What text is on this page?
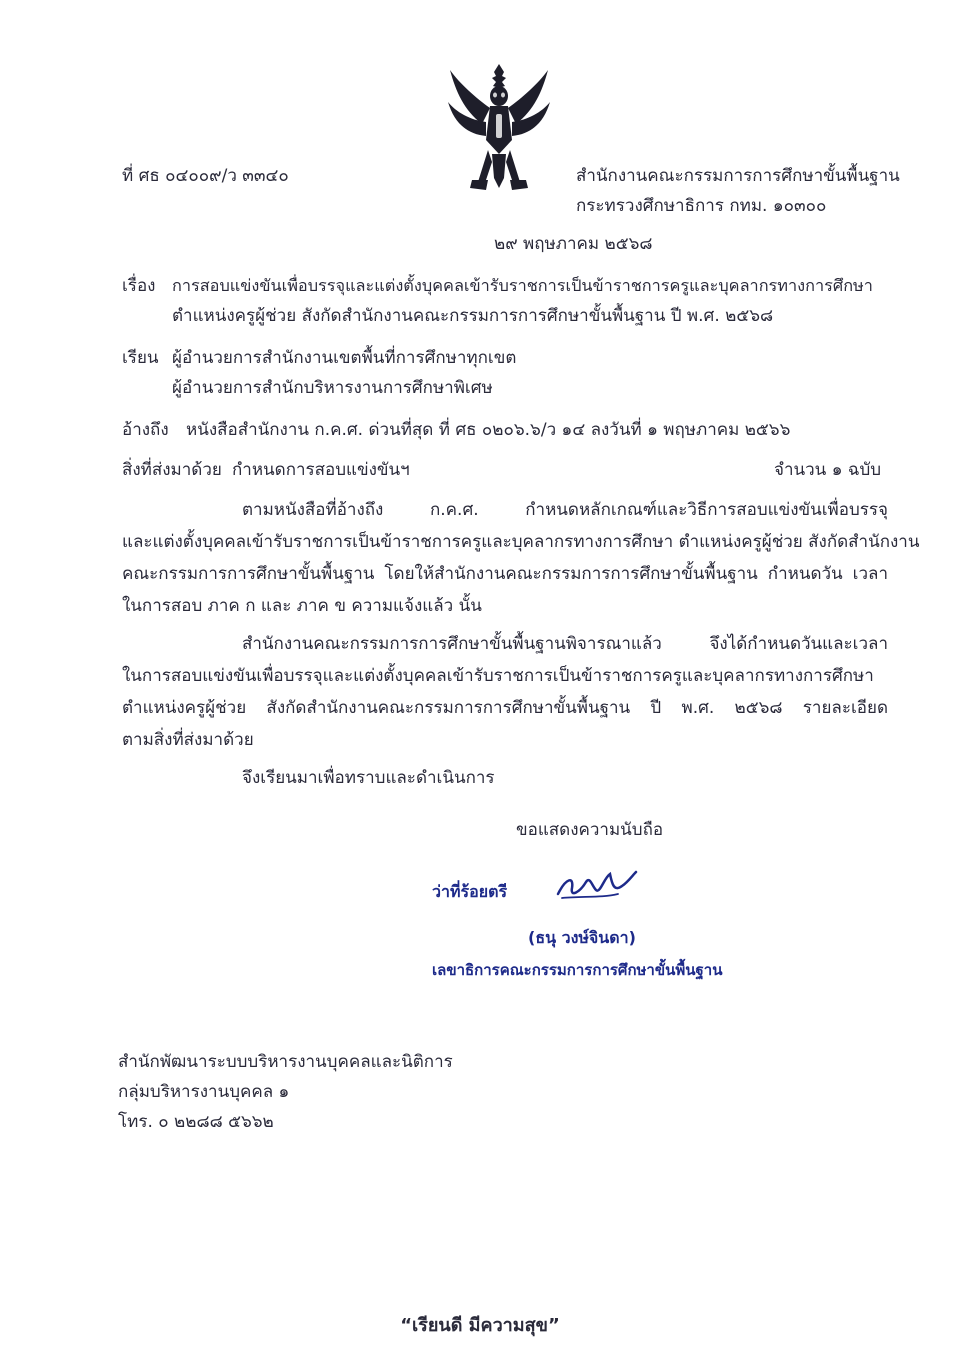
ที่ ศธ ๐๔๐๐๙/ว ๓๓๔๐	สำนักงานคณะกรรมการการศึกษาขั้นพื้นฐาน
กระทรวงศึกษาธิการ กทม. ๑๐๓๐๐
๒๙ พฤษภาคม ๒๕๖๘
เรื่อง การสอบแข่งขันเพื่อบรรจุและแต่งตั้งบุคคลเข้ารับราชการเป็นข้าราชการครูและบุคลากรทางการศึกษา
ตำแหน่งครูผู้ช่วย สังกัดสำนักงานคณะกรรมการการศึกษาขั้นพื้นฐาน ปี พ.ศ. ๒๕๖๘
เรียน ผู้อำนวยการสำนักงานเขตพื้นที่การศึกษาทุกเขต
ผู้อำนวยการสำนักบริหารงานการศึกษาพิเศษ
อ้างถึง หนังสือสำนักงาน ก.ค.ศ. ด่วนที่สุด ที่ ศธ ๐๒๐๖.๖/ว ๑๔ ลงวันที่ ๑ พฤษภาคม ๒๕๖๖
สิ่งที่ส่งมาด้วย กำหนดการสอบแข่งขันฯ	จำนวน ๑ ฉบับ
ตามหนังสือที่อ้างถึง ก.ค.ศ. กำหนดหลักเกณฑ์และวิธีการสอบแข่งขันเพื่อบรรจุ
และแต่งตั้งบุคคลเข้ารับราชการเป็นข้าราชการครูและบุคลากรทางการศึกษา ตำแหน่งครูผู้ช่วย สังกัดสำนักงาน
คณะกรรมการการศึกษาขั้นพื้นฐาน โดยให้สำนักงานคณะกรรมการการศึกษาขั้นพื้นฐาน กำหนดวัน เวลา
ในการสอบ ภาค ก และ ภาค ข ความแจ้งแล้ว นั้น
สำนักงานคณะกรรมการการศึกษาขั้นพื้นฐานพิจารณาแล้ว จึงได้กำหนดวันและเวลา
ในการสอบแข่งขันเพื่อบรรจุและแต่งตั้งบุคคลเข้ารับราชการเป็นข้าราชการครูและบุคลากรทางการศึกษา
ตำแหน่งครูผู้ช่วย สังกัดสำนักงานคณะกรรมการการศึกษาขั้นพื้นฐาน ปี พ.ศ. ๒๕๖๘ รายละเอียด
ตามสิ่งที่ส่งมาด้วย
จึงเรียนมาเพื่อทราบและดำเนินการ
ขอแสดงความนับถือ
ว่าที่ร้อยตรี
(ธนุ วงษ์จินดา)
เลขาธิการคณะกรรมการการศึกษาขั้นพื้นฐาน
สำนักพัฒนาระบบบริหารงานบุคคลและนิติการ
กลุ่มบริหารงานบุคคล ๑
โทร. ๐ ๒๒๘๘ ๕๖๖๒
“เรียนดี มีความสุข”
